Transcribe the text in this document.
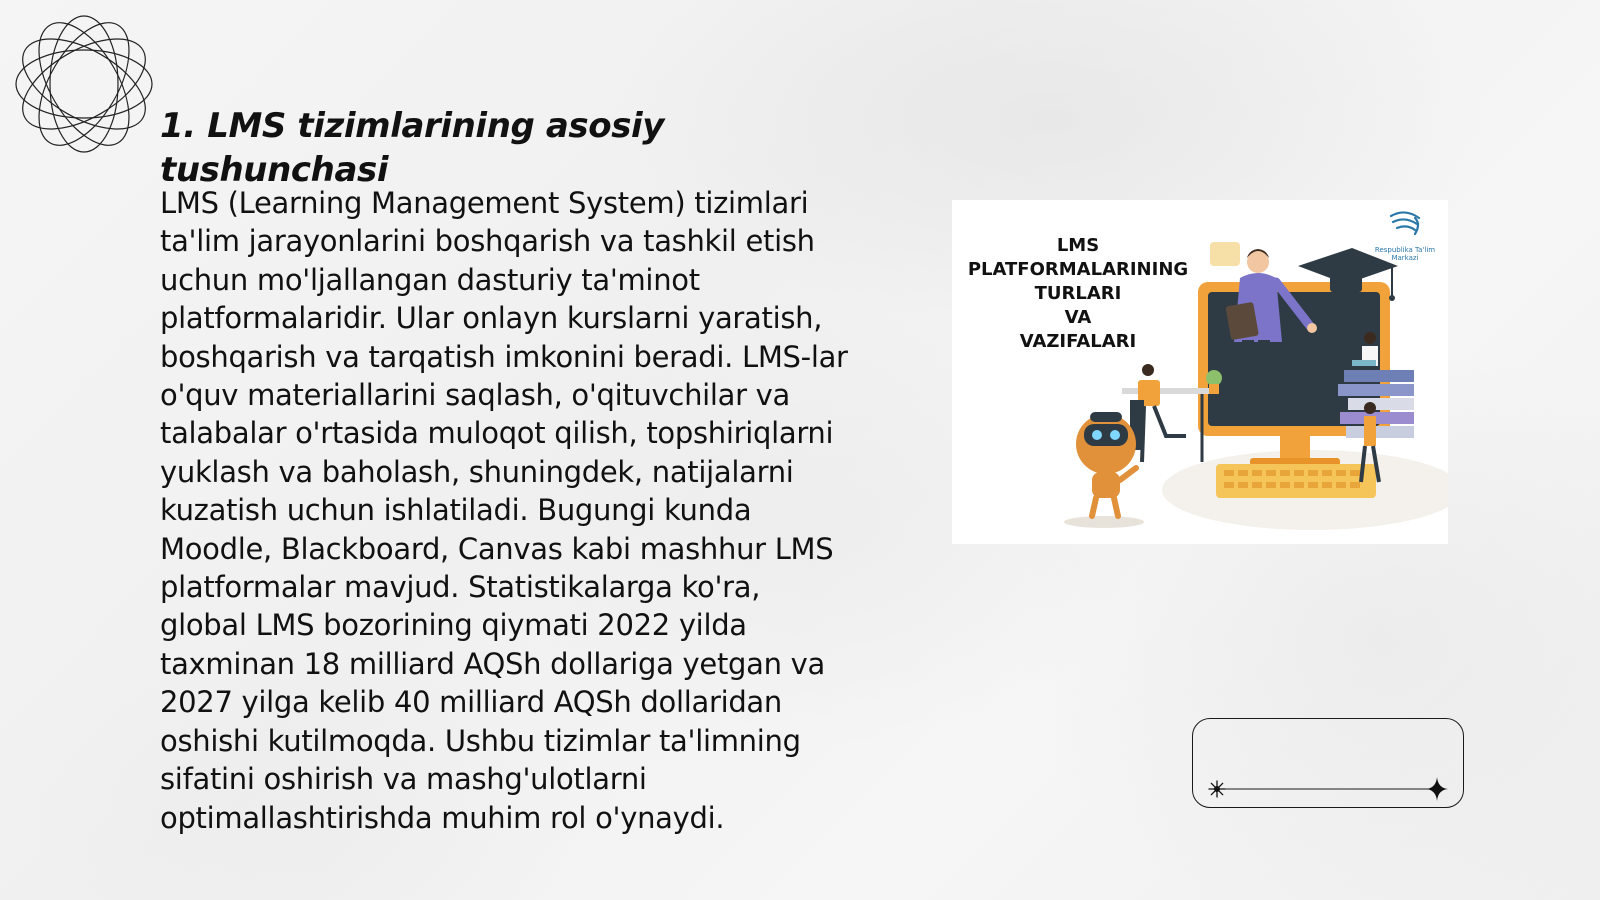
1. LMS tizimlarining asosiy tushunchasi

LMS (Learning Management System) tizimlari ta'lim jarayonlarini boshqarish va tashkil etish uchun mo'ljallangan dasturiy ta'minot platformalaridir. Ular onlayn kurslarni yaratish, boshqarish va tarqatish imkonini beradi. LMS-lar o'quv materiallarini saqlash, o'qituvchilar va talabalar o'rtasida muloqot qilish, topshiriqlarni yuklash va baholash, shuningdek, natijalarni kuzatish uchun ishlatiladi. Bugungi kunda Moodle, Blackboard, Canvas kabi mashhur LMS platformalar mavjud. Statistikalarga ko'ra, global LMS bozorining qiymati 2022 yilda taxminan 18 milliard AQSh dollariga yetgan va 2027 yilga kelib 40 milliard AQSh dollaridan oshishi kutilmoqda. Ushbu tizimlar ta'limning sifatini oshirish va mashg'ulotlarni optimallashtirishda muhim rol o'ynaydi.

LMS
PLATFORMALARINING
TURLARI
VA
VAZIFALARI
Respublika Ta'lim Markazi
